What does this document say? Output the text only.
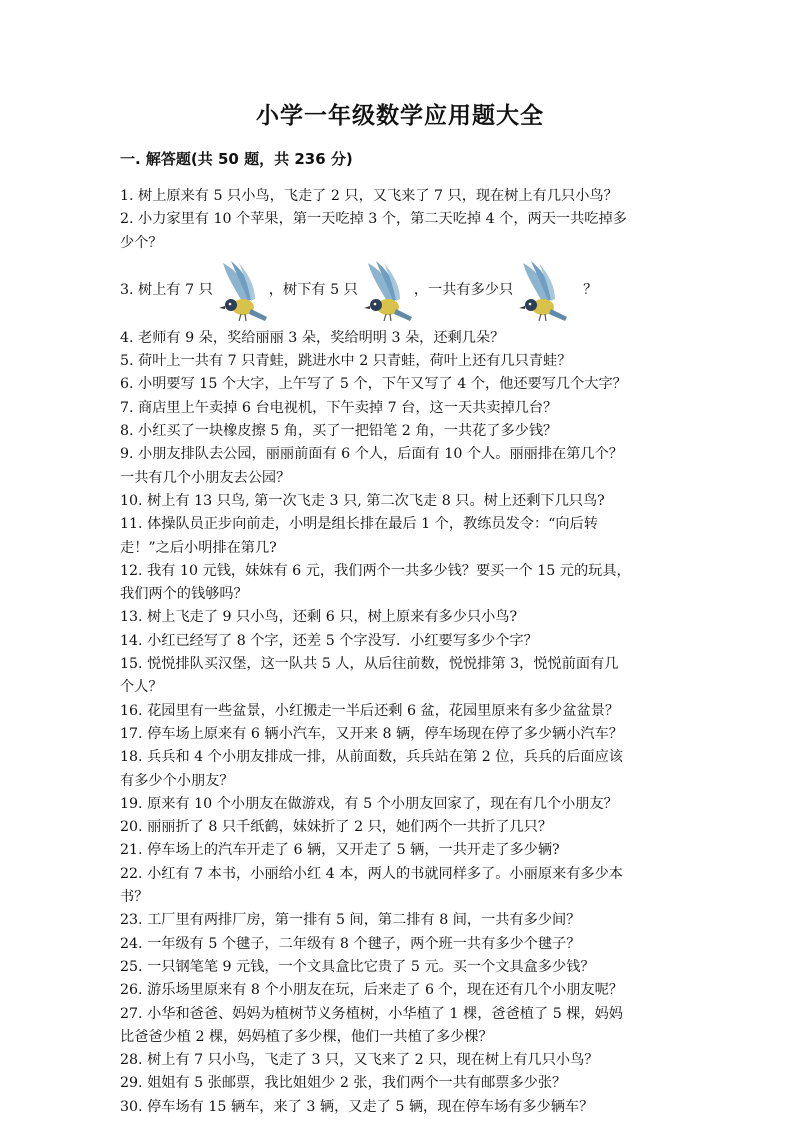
小学一年级数学应用题大全
一. 解答题(共 50 题，共 236 分)

1. 树上原来有 5 只小鸟，飞走了 2 只，又飞来了 7 只，现在树上有几只小鸟？

2. 小力家里有 10 个苹果，第一天吃掉 3 个，第二天吃掉 4 个，两天一共吃掉多

少个？

3. 树上有 7 只	，树下有 5 只	，一共有多少只	？

4. 老师有 9 朵，奖给丽丽 3 朵，奖给明明 3 朵，还剩几朵？

5. 荷叶上一共有 7 只青蛙，跳进水中 2 只青蛙，荷叶上还有几只青蛙？

6. 小明要写 15 个大字，上午写了 5 个，下午又写了 4 个，他还要写几个大字？

7. 商店里上午卖掉 6 台电视机，下午卖掉 7 台，这一天共卖掉几台？

8. 小红买了一块橡皮擦 5 角，买了一把铅笔 2 角，一共花了多少钱？

9. 小朋友排队去公园，丽丽前面有 6 个人，后面有 10 个人。丽丽排在第几个？

一共有几个小朋友去公园？

10. 树上有 13 只鸟, 第一次飞走 3 只, 第二次飞走 8 只。树上还剩下几只鸟?

11. 体操队员正步向前走，小明是组长排在最后 1 个，教练员发令：“向后转

走！”之后小明排在第几?

12. 我有 10 元钱，妹妹有 6 元，我们两个一共多少钱？要买一个 15 元的玩具，

我们两个的钱够吗？

13. 树上飞走了 9 只小鸟，还剩 6 只，树上原来有多少只小鸟?

14. 小红已经写了 8 个字，还差 5 个字没写．小红要写多少个字？

15. 悦悦排队买汉堡，这一队共 5 人，从后往前数，悦悦排第 3，悦悦前面有几

个人？

16. 花园里有一些盆景，小红搬走一半后还剩 6 盆，花园里原来有多少盆盆景？

17. 停车场上原来有 6 辆小汽车，又开来 8 辆，停车场现在停了多少辆小汽车？

18. 兵兵和 4 个小朋友排成一排，从前面数，兵兵站在第 2 位，兵兵的后面应该

有多少个小朋友？

19. 原来有 10 个小朋友在做游戏，有 5 个小朋友回家了，现在有几个小朋友？

20. 丽丽折了 8 只千纸鹤，妹妹折了 2 只，她们两个一共折了几只？

21. 停车场上的汽车开走了 6 辆，又开走了 5 辆，一共开走了多少辆?

22. 小红有 7 本书，小丽给小红 4 本，两人的书就同样多了。小丽原来有多少本

书？

23. 工厂里有两排厂房，第一排有 5 间，第二排有 8 间，一共有多少间？

24. 一年级有 5 个毽子，二年级有 8 个毽子，两个班一共有多少个毽子？

25. 一只钢笔笔 9 元钱，一个文具盒比它贵了 5 元。买一个文具盒多少钱？

26. 游乐场里原来有 8 个小朋友在玩，后来走了 6 个，现在还有几个小朋友呢？

27. 小华和爸爸、妈妈为植树节义务植树，小华植了 1 棵，爸爸植了 5 棵，妈妈

比爸爸少植 2 棵，妈妈植了多少棵，他们一共植了多少棵？

28. 树上有 7 只小鸟，飞走了 3 只，又飞来了 2 只，现在树上有几只小鸟？

29. 姐姐有 5 张邮票，我比姐姐少 2 张，我们两个一共有邮票多少张？

30. 停车场有 15 辆车，来了 3 辆，又走了 5 辆，现在停车场有多少辆车？
